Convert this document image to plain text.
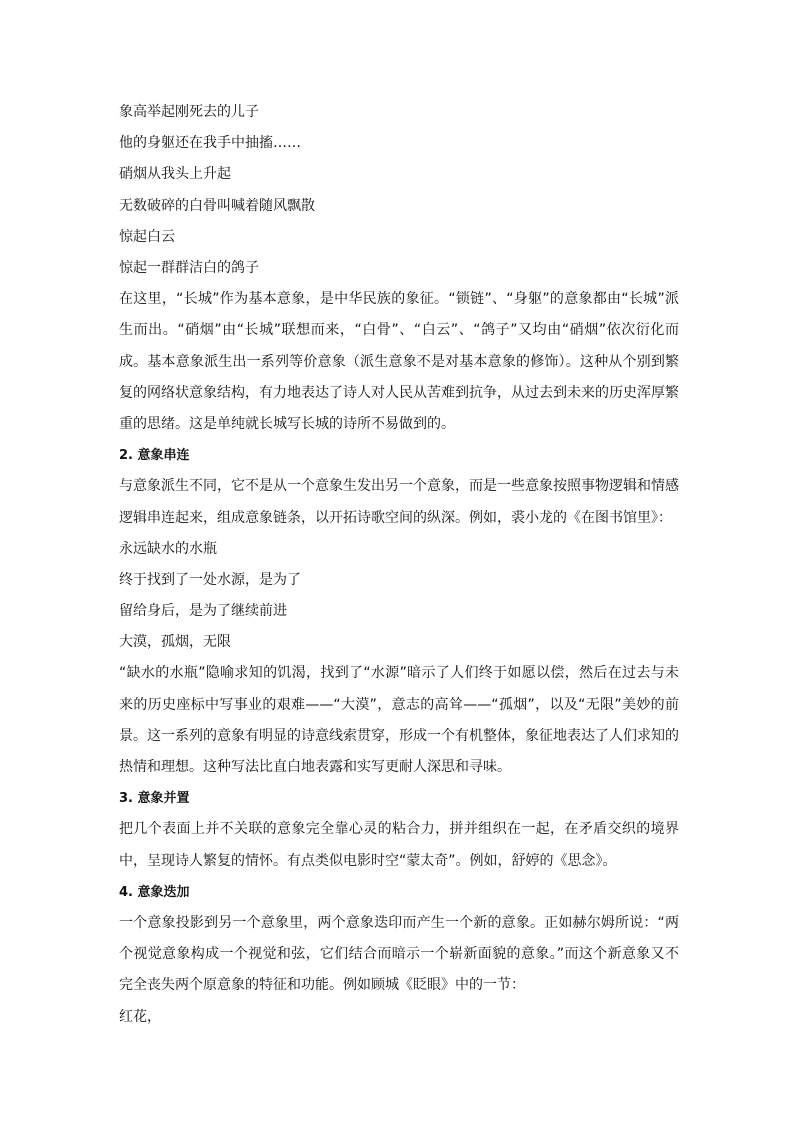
象高举起刚死去的儿子
他的身躯还在我手中抽搐……
硝烟从我头上升起
无数破碎的白骨叫喊着随风飘散
惊起白云
惊起一群群洁白的鸽子
在这里，“长城”作为基本意象，是中华民族的象征。“锁链”、“身躯”的意象都由“长城”派生而出。“硝烟”由“长城”联想而来，“白骨”、“白云”、“鸽子”又均由“硝烟”依次衍化而成。基本意象派生出一系列等价意象（派生意象不是对基本意象的修饰）。这种从个别到繁复的网络状意象结构，有力地表达了诗人对人民从苦难到抗争，从过去到未来的历史浑厚繁重的思绪。这是单纯就长城写长城的诗所不易做到的。
2. 意象串连
与意象派生不同，它不是从一个意象生发出另一个意象，而是一些意象按照事物逻辑和情感逻辑串连起来，组成意象链条，以开拓诗歌空间的纵深。例如，裘小龙的《在图书馆里》：
永远缺水的水瓶
终于找到了一处水源，是为了
留给身后，是为了继续前进
大漠，孤烟，无限
“缺水的水瓶”隐喻求知的饥渴，找到了“水源”暗示了人们终于如愿以偿，然后在过去与未来的历史座标中写事业的艰难——“大漠”，意志的高耸——“孤烟”，以及“无限”美妙的前景。这一系列的意象有明显的诗意线索贯穿，形成一个有机整体，象征地表达了人们求知的热情和理想。这种写法比直白地表露和实写更耐人深思和寻味。
3. 意象并置
把几个表面上并不关联的意象完全靠心灵的粘合力，拼并组织在一起，在矛盾交织的境界中，呈现诗人繁复的情怀。有点类似电影时空“蒙太奇”。例如，舒婷的《思念》。
4. 意象迭加
一个意象投影到另一个意象里，两个意象迭印而产生一个新的意象。正如赫尔姆所说：“两个视觉意象构成一个视觉和弦，它们结合而暗示一个崭新面貌的意象。”而这个新意象又不完全丧失两个原意象的特征和功能。例如顾城《眨眼》中的一节：
红花，
